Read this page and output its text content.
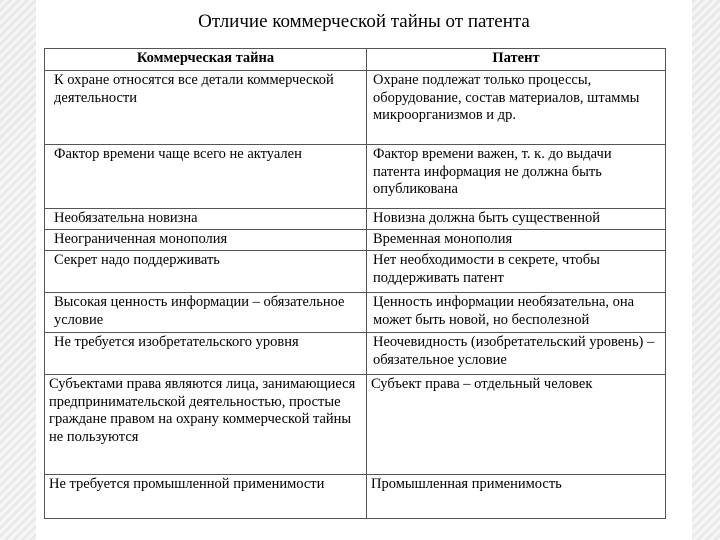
Отличие коммерческой тайны от патента
Коммерческая тайна	Патент
К охране относятся все детали коммерческой деятельности	Охране подлежат только процессы, оборудование, состав материалов, штаммы микроорганизмов и др.
Фактор времени чаще всего не актуален	Фактор времени важен, т. к. до выдачи патента информация не должна быть опубликована
Необязательна новизна	Новизна должна быть существенной
Неограниченная монополия	Временная монополия
Секрет надо поддерживать	Нет необходимости в секрете, чтобы поддерживать патент
Высокая ценность информации – обязательное условие	Ценность информации необязательна, она может быть новой, но бесполезной
Не требуется изобретательского уровня	Неочевидность (изобретательский уровень) – обязательное условие
Субъектами права являются лица, занимающиеся предпринимательской деятельностью, простые граждане правом на охрану коммерческой тайны не пользуются	Субъект права – отдельный человек
Не требуется промышленной применимости	Промышленная применимость
